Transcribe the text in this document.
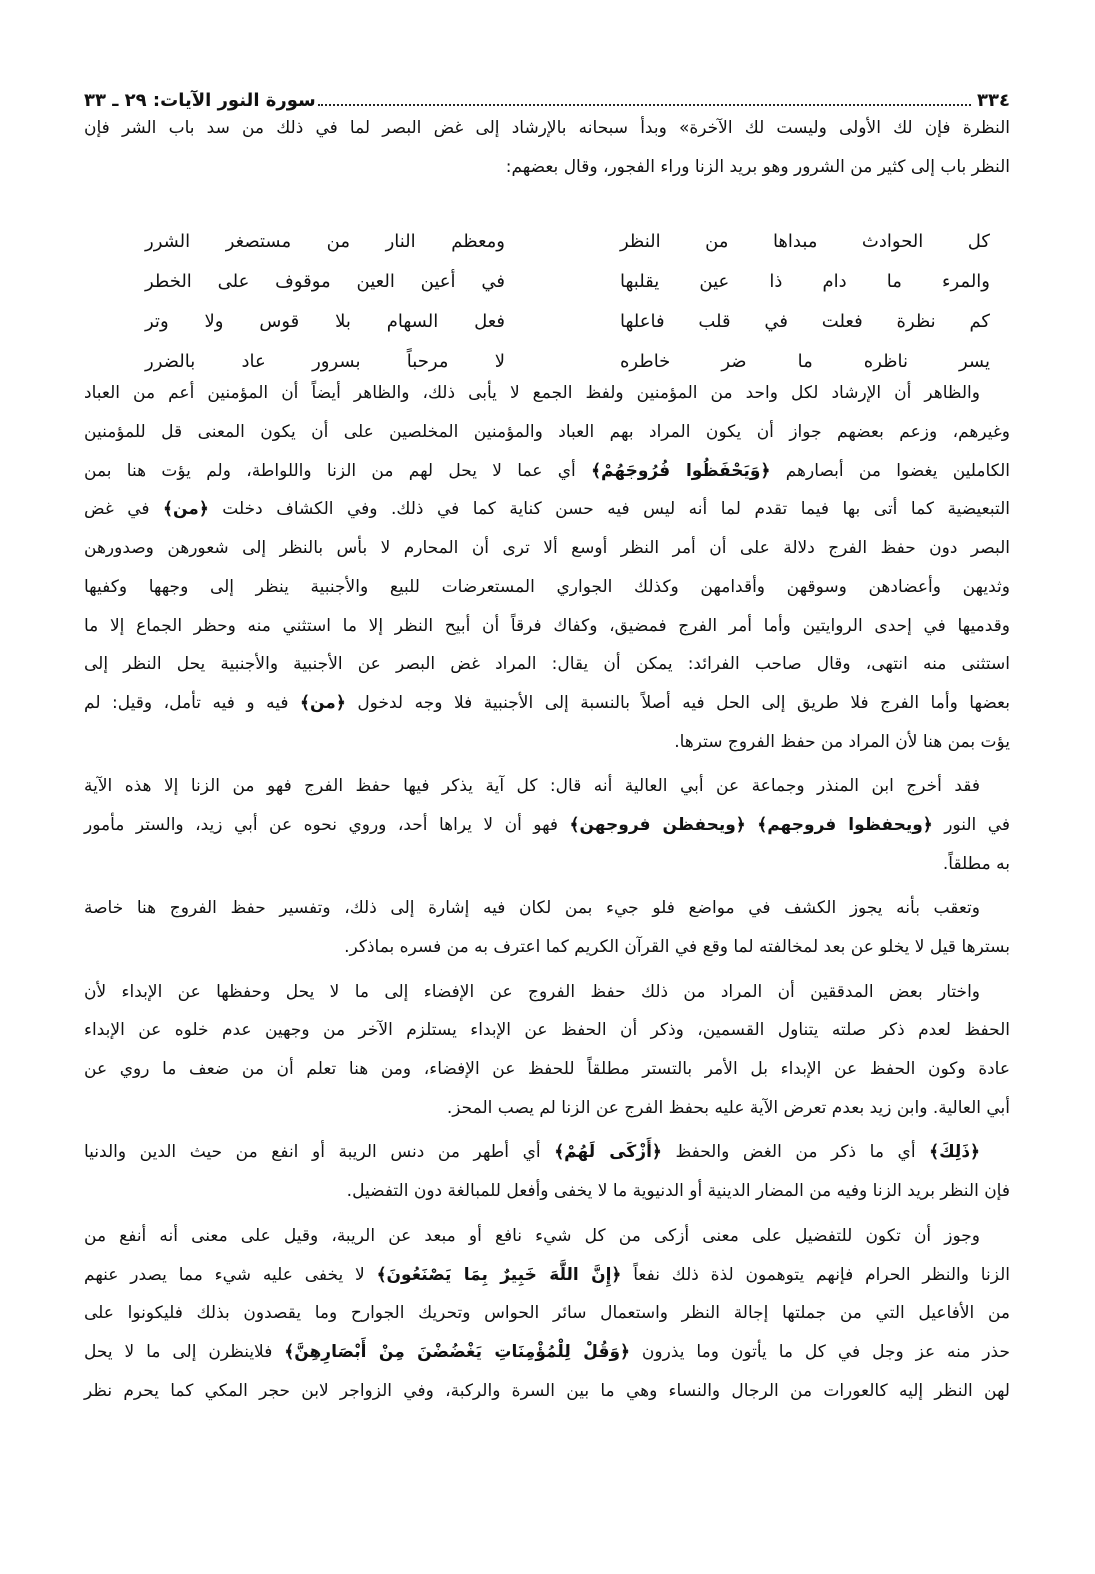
٣٣٤
سورة النور الآيات: ٢٩ ـ ٣٣
النظرة فإن لك الأولى وليست لك الآخرة» وبدأ سبحانه بالإرشاد إلى غض البصر لما في ذلك من سد باب الشر فإن
النظر باب إلى كثير من الشرور وهو بريد الزنا وراء الفجور، وقال بعضهم:
كل الحوادث مبداها من النظر
ومعظم النار من مستصغر الشرر
والمرء ما دام ذا عين يقلبها
في أعين العين موقوف على الخطر
كم نظرة فعلت في قلب فاعلها
فعل السهام بلا قوس ولا وتر
يسر ناظره ما ضر خاطره
لا مرحباً بسرور عاد بالضرر
والظاهر أن الإرشاد لكل واحد من المؤمنين ولفظ الجمع لا يأبى ذلك، والظاهر أيضاً أن المؤمنين أعم من العباد
وغيرهم، وزعم بعضهم جواز أن يكون المراد بهم العباد والمؤمنين المخلصين على أن يكون المعنى قل للمؤمنين
الكاملين يغضوا من أبصارهم ﴿وَيَحْفَظُوا فُرُوجَهُمْ﴾ أي عما لا يحل لهم من الزنا واللواطة، ولم يؤت هنا بمن
التبعيضية كما أتى بها فيما تقدم لما أنه ليس فيه حسن كناية كما في ذلك. وفي الكشاف دخلت ﴿من﴾ في غض
البصر دون حفظ الفرج دلالة على أن أمر النظر أوسع ألا ترى أن المحارم لا بأس بالنظر إلى شعورهن وصدورهن
وثديهن وأعضادهن وسوقهن وأقدامهن وكذلك الجواري المستعرضات للبيع والأجنبية ينظر إلى وجهها وكفيها
وقدميها في إحدى الروايتين وأما أمر الفرج فمضيق، وكفاك فرقاً أن أبيح النظر إلا ما استثني منه وحظر الجماع إلا ما
استثنى منه انتهى، وقال صاحب الفرائد: يمكن أن يقال: المراد غض البصر عن الأجنبية والأجنبية يحل النظر إلى
بعضها وأما الفرج فلا طريق إلى الحل فيه أصلاً بالنسبة إلى الأجنبية فلا وجه لدخول ﴿من﴾ فيه و فيه تأمل، وقيل: لم
يؤت بمن هنا لأن المراد من حفظ الفروج سترها.
فقد أخرج ابن المنذر وجماعة عن أبي العالية أنه قال: كل آية يذكر فيها حفظ الفرج فهو من الزنا إلا هذه الآية
في النور ﴿ويحفظوا فروجهم﴾ ﴿ويحفظن فروجهن﴾ فهو أن لا يراها أحد، وروي نحوه عن أبي زيد، والستر مأمور
به مطلقاً.
وتعقب بأنه يجوز الكشف في مواضع فلو جيء بمن لكان فيه إشارة إلى ذلك، وتفسير حفظ الفروج هنا خاصة
بسترها قيل لا يخلو عن بعد لمخالفته لما وقع في القرآن الكريم كما اعترف به من فسره بماذكر.
واختار بعض المدققين أن المراد من ذلك حفظ الفروج عن الإفضاء إلى ما لا يحل وحفظها عن الإبداء لأن
الحفظ لعدم ذكر صلته يتناول القسمين، وذكر أن الحفظ عن الإبداء يستلزم الآخر من وجهين عدم خلوه عن الإبداء
عادة وكون الحفظ عن الإبداء بل الأمر بالتستر مطلقاً للحفظ عن الإفضاء، ومن هنا تعلم أن من ضعف ما روي عن
أبي العالية. وابن زيد بعدم تعرض الآية عليه بحفظ الفرج عن الزنا لم يصب المحز.
﴿ذَلِكَ﴾ أي ما ذكر من الغض والحفظ ﴿أَزْكَى لَهُمْ﴾ أي أطهر من دنس الريبة أو انفع من حيث الدين والدنيا
فإن النظر بريد الزنا وفيه من المضار الدينية أو الدنيوية ما لا يخفى وأفعل للمبالغة دون التفضيل.
وجوز أن تكون للتفضيل على معنى أزكى من كل شيء نافع أو مبعد عن الريبة، وقيل على معنى أنه أنفع من
الزنا والنظر الحرام فإنهم يتوهمون لذة ذلك نفعاً ﴿إِنَّ اللَّهَ خَبِيرٌ بِمَا يَصْنَعُونَ﴾ لا يخفى عليه شيء مما يصدر عنهم
من الأفاعيل التي من جملتها إجالة النظر واستعمال سائر الحواس وتحريك الجوارح وما يقصدون بذلك فليكونوا على
حذر منه عز وجل في كل ما يأتون وما يذرون ﴿وَقُلْ لِلْمُؤْمِنَاتِ يَغْضُضْنَ مِنْ أَبْصَارِهِنَّ﴾ فلاينظرن إلى ما لا يحل
لهن النظر إليه كالعورات من الرجال والنساء وهي ما بين السرة والركبة، وفي الزواجر لابن حجر المكي كما يحرم نظر
